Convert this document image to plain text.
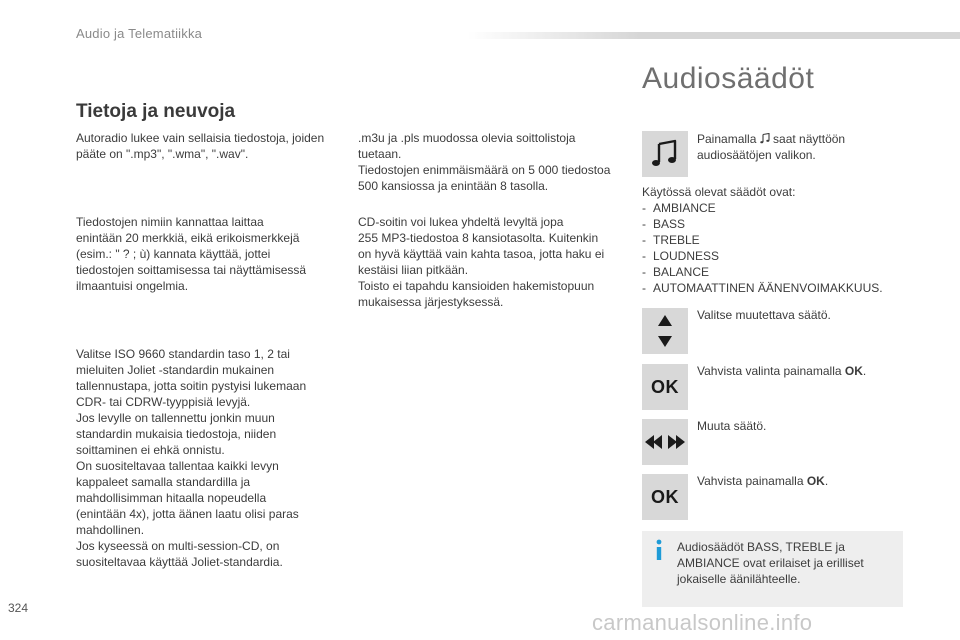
Audio ja Telematiikka
Tietoja ja neuvoja
Autoradio lukee vain sellaisia tiedostoja, joiden
pääte on ".mp3", ".wma", ".wav".
Tiedostojen nimiin kannattaa laittaa
enintään 20 merkkiä, eikä erikoismerkkejä
(esim.: " ? ; ù) kannata käyttää, jottei
tiedostojen soittamisessa tai näyttämisessä
ilmaantuisi ongelmia.
Valitse ISO 9660 standardin taso 1, 2 tai
mieluiten Joliet -standardin mukainen
tallennustapa, jotta soitin pystyisi lukemaan
CDR- tai CDRW-tyyppisiä levyjä.
Jos levylle on tallennettu jonkin muun
standardin mukaisia tiedostoja, niiden
soittaminen ei ehkä onnistu.
On suositeltavaa tallentaa kaikki levyn
kappaleet samalla standardilla ja
mahdollisimman hitaalla nopeudella
(enintään 4x), jotta äänen laatu olisi paras
mahdollinen.
Jos kyseessä on multi-session-CD, on
suositeltavaa käyttää Joliet-standardia.
.m3u ja .pls muodossa olevia soittolistoja
tuetaan.
Tiedostojen enimmäismäärä on 5 000 tiedostoa
500 kansiossa ja enintään 8 tasolla.
CD-soitin voi lukea yhdeltä levyltä jopa
255 MP3-tiedostoa 8 kansiotasolta. Kuitenkin
on hyvä käyttää vain kahta tasoa, jotta haku ei
kestäisi liian pitkään.
Toisto ei tapahdu kansioiden hakemistopuun
mukaisessa järjestyksessä.
Audiosäädöt
Painamalla  saat näyttöön
audiosäätöjen valikon.
Käytössä olevat säädöt ovat:
- AMBIANCE
- BASS
- TREBLE
- LOUDNESS
- BALANCE
- AUTOMAATTINEN ÄÄNENVOIMAKKUUS.
Valitse muutettava säätö.
OK
Vahvista valinta painamalla OK.
Muuta säätö.
OK
Vahvista painamalla OK.
Audiosäädöt BASS, TREBLE ja AMBIANCE ovat erilaiset ja erilliset jokaiselle äänilähteelle.
324
carmanualsonline.info
